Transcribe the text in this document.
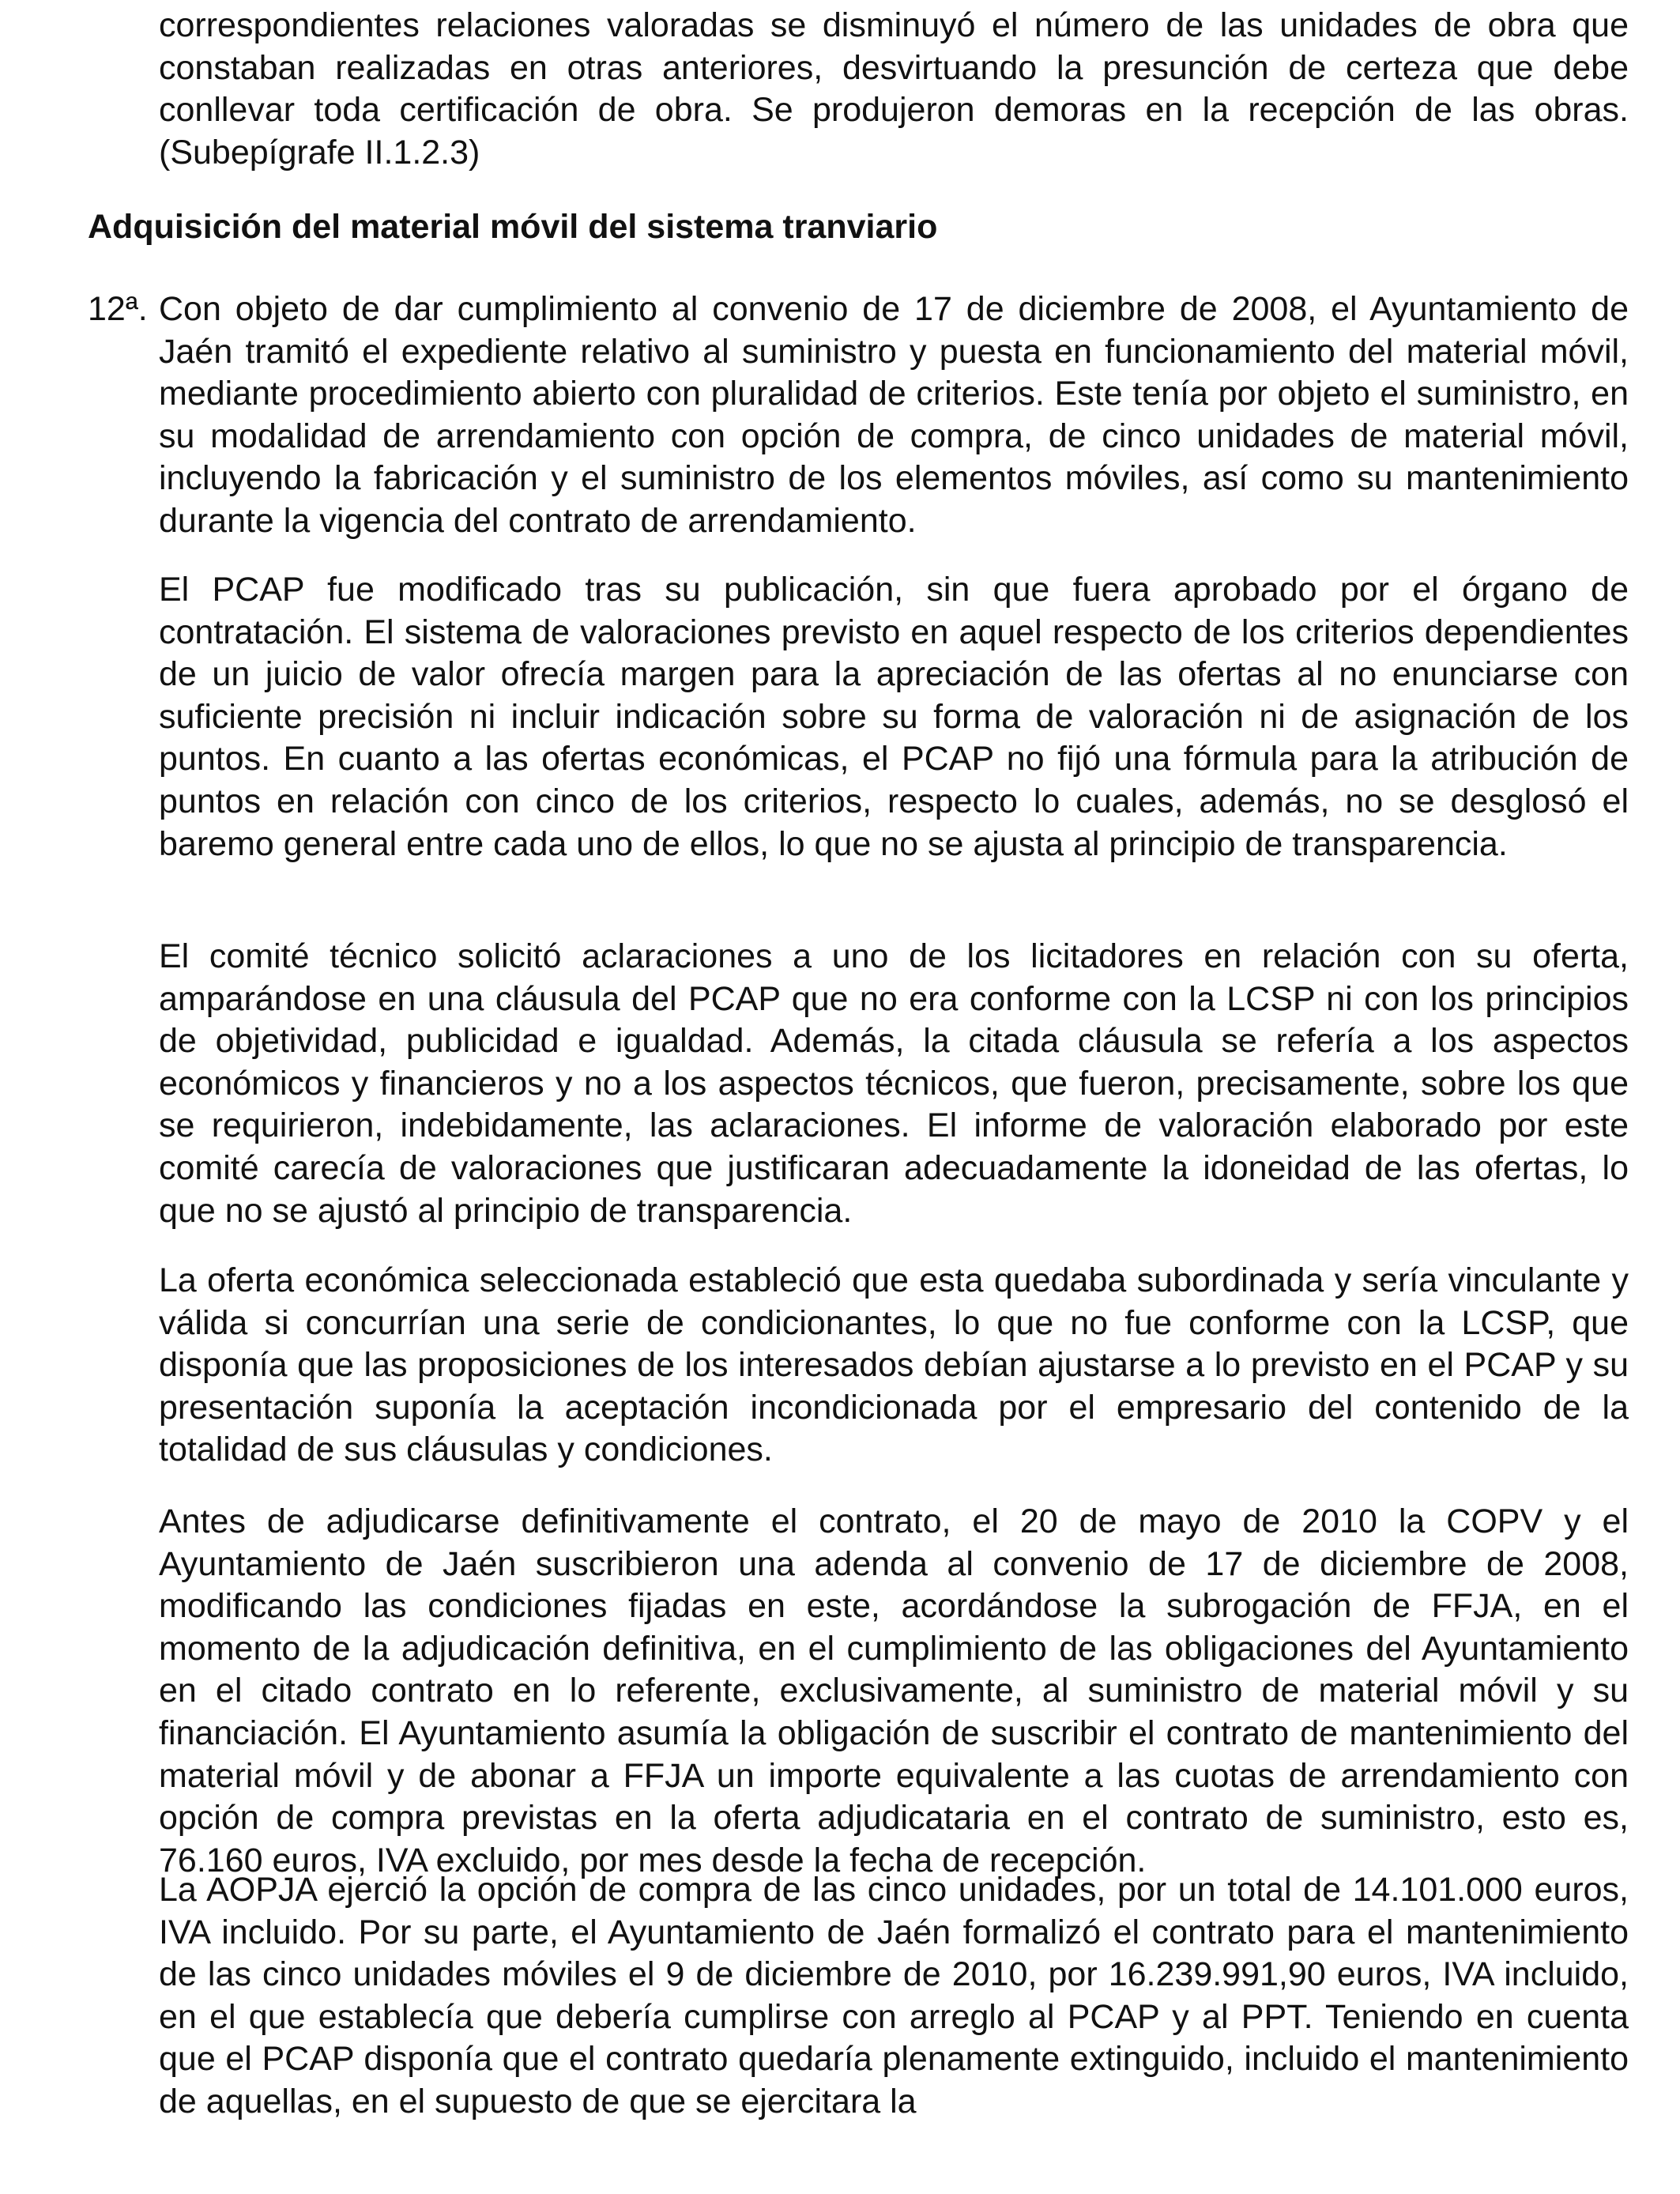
correspondientes relaciones valoradas se disminuyó el número de las unidades de obra que constaban realizadas en otras anteriores, desvirtuando la presunción de certeza que debe conllevar toda certificación de obra. Se produjeron demoras en la recepción de las obras. (Subepígrafe II.1.2.3)

Adquisición del material móvil del sistema tranviario

12ª. Con objeto de dar cumplimiento al convenio de 17 de diciembre de 2008, el Ayuntamiento de Jaén tramitó el expediente relativo al suministro y puesta en funcionamiento del material móvil, mediante procedimiento abierto con pluralidad de criterios. Este tenía por objeto el suministro, en su modalidad de arrendamiento con opción de compra, de cinco unidades de material móvil, incluyendo la fabricación y el suministro de los elementos móviles, así como su mantenimiento durante la vigencia del contrato de arrendamiento.

El PCAP fue modificado tras su publicación, sin que fuera aprobado por el órgano de contratación. El sistema de valoraciones previsto en aquel respecto de los criterios dependientes de un juicio de valor ofrecía margen para la apreciación de las ofertas al no enunciarse con suficiente precisión ni incluir indicación sobre su forma de valoración ni de asignación de los puntos. En cuanto a las ofertas económicas, el PCAP no fijó una fórmula para la atribución de puntos en relación con cinco de los criterios, respecto lo cuales, además, no se desglosó el baremo general entre cada uno de ellos, lo que no se ajusta al principio de transparencia.

El comité técnico solicitó aclaraciones a uno de los licitadores en relación con su oferta, amparándose en una cláusula del PCAP que no era conforme con la LCSP ni con los principios de objetividad, publicidad e igualdad. Además, la citada cláusula se refería a los aspectos económicos y financieros y no a los aspectos técnicos, que fueron, precisamente, sobre los que se requirieron, indebidamente, las aclaraciones. El informe de valoración elaborado por este comité carecía de valoraciones que justificaran adecuadamente la idoneidad de las ofertas, lo que no se ajustó al principio de transparencia.

La oferta económica seleccionada estableció que esta quedaba subordinada y sería vinculante y válida si concurrían una serie de condicionantes, lo que no fue conforme con la LCSP, que disponía que las proposiciones de los interesados debían ajustarse a lo previsto en el PCAP y su presentación suponía la aceptación incondicionada por el empresario del contenido de la totalidad de sus cláusulas y condiciones.

Antes de adjudicarse definitivamente el contrato, el 20 de mayo de 2010 la COPV y el Ayuntamiento de Jaén suscribieron una adenda al convenio de 17 de diciembre de 2008, modificando las condiciones fijadas en este, acordándose la subrogación de FFJA, en el momento de la adjudicación definitiva, en el cumplimiento de las obligaciones del Ayuntamiento en el citado contrato en lo referente, exclusivamente, al suministro de material móvil y su financiación. El Ayuntamiento asumía la obligación de suscribir el contrato de mantenimiento del material móvil y de abonar a FFJA un importe equivalente a las cuotas de arrendamiento con opción de compra previstas en la oferta adjudicataria en el contrato de suministro, esto es, 76.160 euros, IVA excluido, por mes desde la fecha de recepción.

La AOPJA ejerció la opción de compra de las cinco unidades, por un total de 14.101.000 euros, IVA incluido. Por su parte, el Ayuntamiento de Jaén formalizó el contrato para el mantenimiento de las cinco unidades móviles el 9 de diciembre de 2010, por 16.239.991,90 euros, IVA incluido, en el que establecía que debería cumplirse con arreglo al PCAP y al PPT. Teniendo en cuenta que el PCAP disponía que el contrato quedaría plenamente extinguido, incluido el mantenimiento de aquellas, en el supuesto de que se ejercitara la
